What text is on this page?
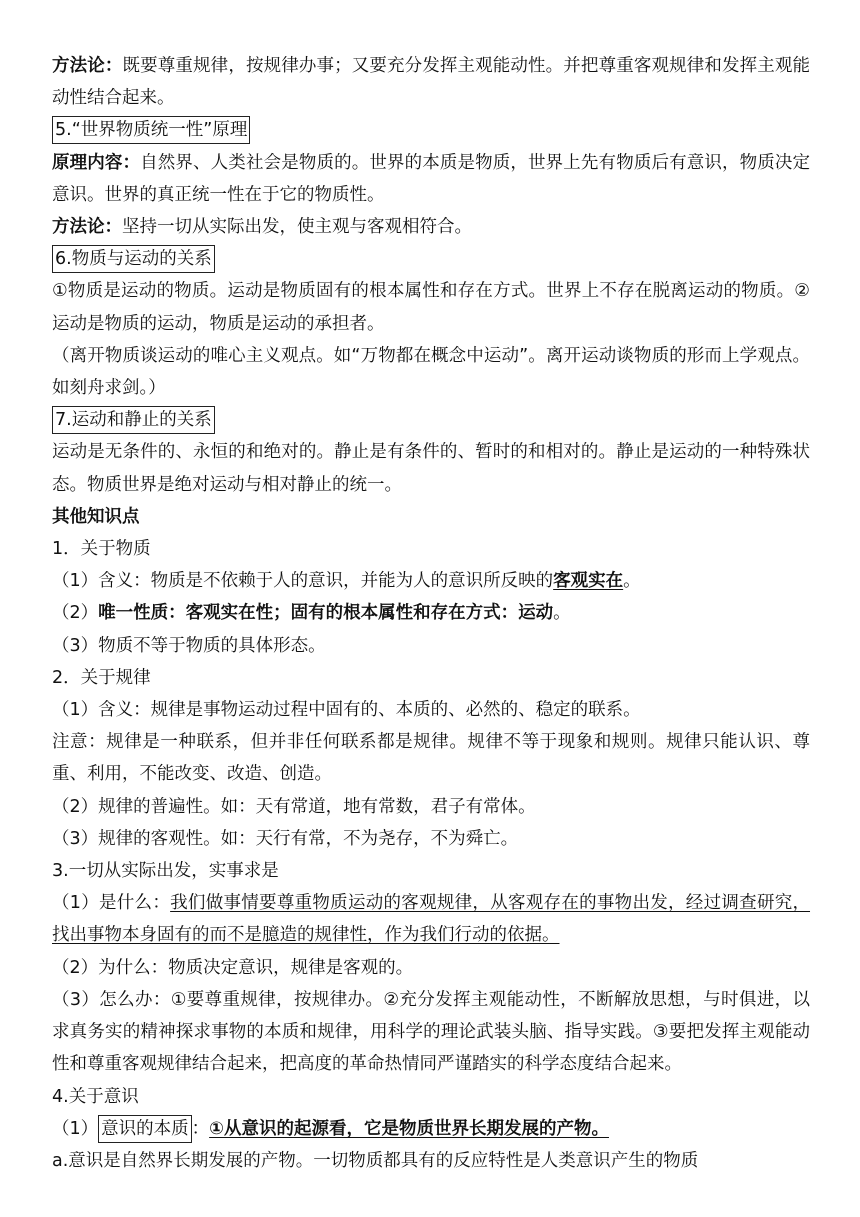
方法论：既要尊重规律，按规律办事；又要充分发挥主观能动性。并把尊重客观规律和发挥主观能动性结合起来。

5.“世界物质统一性”原理

原理内容：自然界、人类社会是物质的。世界的本质是物质，世界上先有物质后有意识，物质决定意识。世界的真正统一性在于它的物质性。

方法论：坚持一切从实际出发，使主观与客观相符合。

6.物质与运动的关系

①物质是运动的物质。运动是物质固有的根本属性和存在方式。世界上不存在脱离运动的物质。②运动是物质的运动，物质是运动的承担者。

（离开物质谈运动的唯心主义观点。如“万物都在概念中运动”。离开运动谈物质的形而上学观点。如刻舟求剑。）

7.运动和静止的关系

运动是无条件的、永恒的和绝对的。静止是有条件的、暂时的和相对的。静止是运动的一种特殊状态。物质世界是绝对运动与相对静止的统一。

其他知识点

1．关于物质

（1）含义：物质是不依赖于人的意识，并能为人的意识所反映的客观实在。

（2）唯一性质：客观实在性；固有的根本属性和存在方式：运动。

（3）物质不等于物质的具体形态。

2．关于规律

（1）含义：规律是事物运动过程中固有的、本质的、必然的、稳定的联系。

注意：规律是一种联系，但并非任何联系都是规律。规律不等于现象和规则。规律只能认识、尊重、利用，不能改变、改造、创造。

（2）规律的普遍性。如：天有常道，地有常数，君子有常体。

（3）规律的客观性。如：天行有常，不为尧存，不为舜亡。

3.一切从实际出发，实事求是

（1）是什么：我们做事情要尊重物质运动的客观规律，从客观存在的事物出发，经过调查研究，找出事物本身固有的而不是臆造的规律性，作为我们行动的依据。

（2）为什么：物质决定意识，规律是客观的。

（3）怎么办：①要尊重规律，按规律办。②充分发挥主观能动性，不断解放思想，与时俱进，以求真务实的精神探求事物的本质和规律，用科学的理论武装头脑、指导实践。③要把发挥主观能动性和尊重客观规律结合起来，把高度的革命热情同严谨踏实的科学态度结合起来。

4.关于意识

（1） 意识的本质 ：①从意识的起源看，它是物质世界长期发展的产物。

a.意识是自然界长期发展的产物。一切物质都具有的反应特性是人类意识产生的物质
